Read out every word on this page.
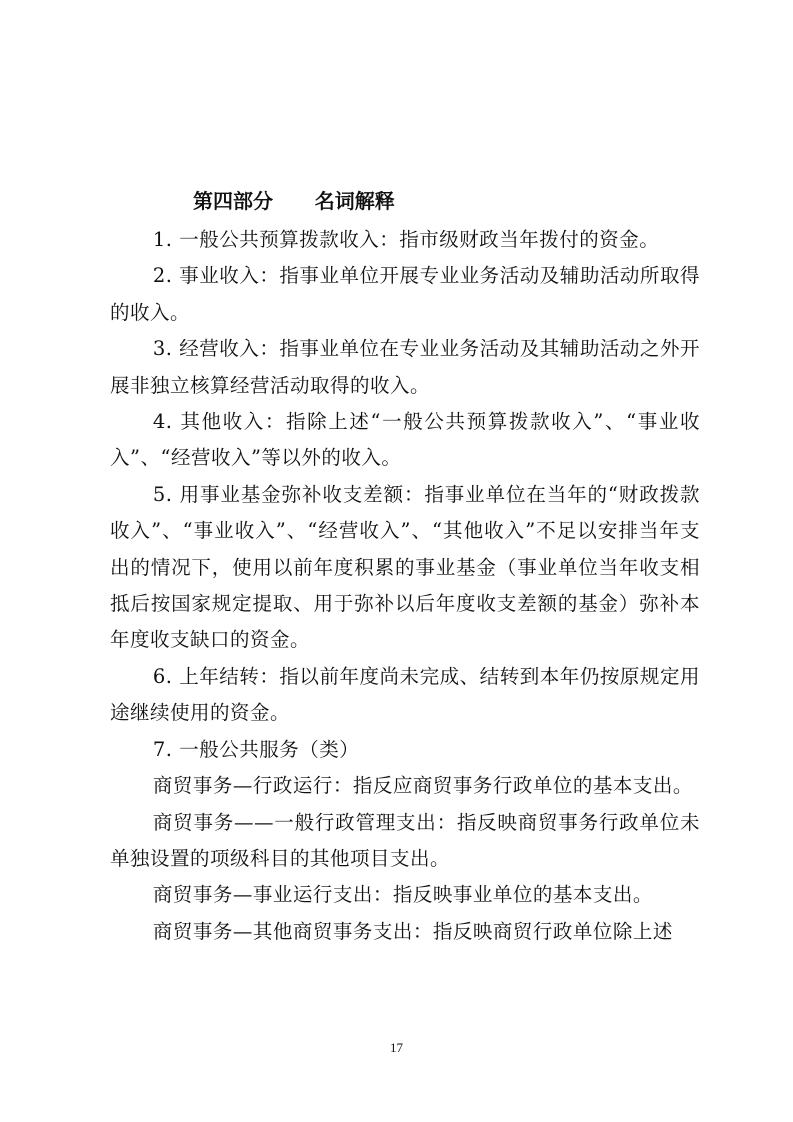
第四部分      名词解释

1. 一般公共预算拨款收入：指市级财政当年拨付的资金。

2. 事业收入：指事业单位开展专业业务活动及辅助活动所取得的收入。

3. 经营收入：指事业单位在专业业务活动及其辅助活动之外开展非独立核算经营活动取得的收入。

4. 其他收入：指除上述“一般公共预算拨款收入”、“事业收入”、“经营收入”等以外的收入。

5. 用事业基金弥补收支差额：指事业单位在当年的“财政拨款收入”、“事业收入”、“经营收入”、“其他收入”不足以安排当年支出的情况下，使用以前年度积累的事业基金（事业单位当年收支相抵后按国家规定提取、用于弥补以后年度收支差额的基金）弥补本年度收支缺口的资金。

6. 上年结转：指以前年度尚未完成、结转到本年仍按原规定用途继续使用的资金。

7. 一般公共服务（类）

商贸事务—行政运行：指反应商贸事务行政单位的基本支出。

商贸事务——一般行政管理支出：指反映商贸事务行政单位未单独设置的项级科目的其他项目支出。

商贸事务—事业运行支出：指反映事业单位的基本支出。

商贸事务—其他商贸事务支出：指反映商贸行政单位除上述

17
